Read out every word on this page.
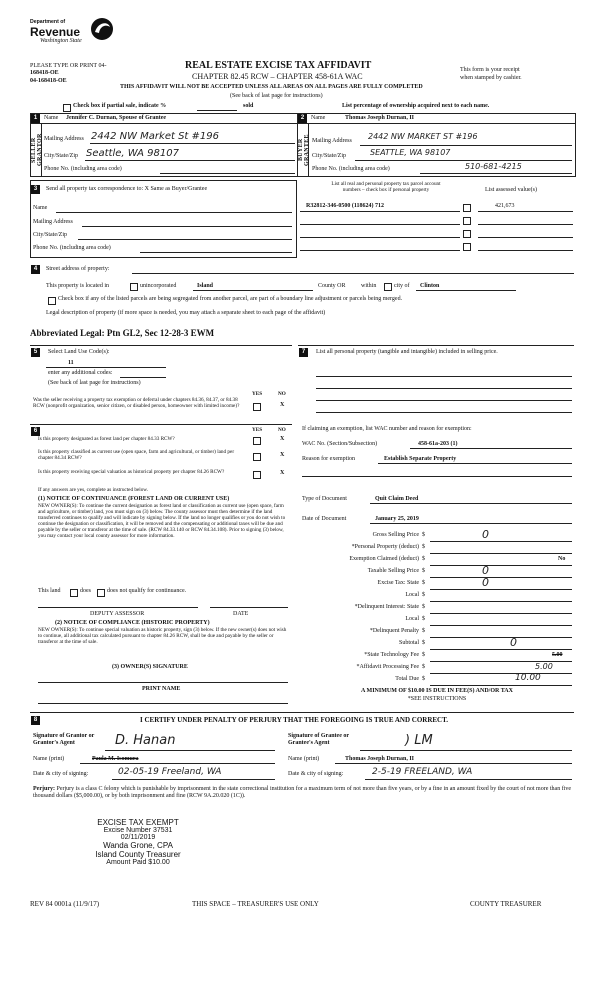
Department of
Revenue
Washington State
PLEASE TYPE OR PRINT 04-
168418-OE
04-168418-OE
REAL ESTATE EXCISE TAX AFFIDAVIT
CHAPTER 82.45 RCW – CHAPTER 458-61A WAC
This form is your receipt
when stamped by cashier.
THIS AFFIDAVIT WILL NOT BE ACCEPTED UNLESS ALL AREAS ON ALL PAGES ARE FULLY COMPLETED
(See back of last page for instructions)
Check box if partial sale, indicate %	sold	List percentage of ownership acquired next to each name.
1	Name Jennifer C. Durnan, Spouse of Grantee
SELLER GRANTOR Mailing Address 2442 NW Market St #196
City/State/Zip Seattle, WA 98107
Phone No. (including area code)
2	Name	Thomas Joseph Durnan, II
BUYER GRANTEE Mailing Address 2442 NW MARKET ST #196
City/State/Zip	SEATTLE, WA 98107
Phone No. (including area code)	510-681-4215
3	Send all property tax correspondence to: X Same as Buyer/Grantee
Name
Mailing Address
City/State/Zip
Phone No. (including area code)
List all real and personal property tax parcel account
numbers – check box if personal property	List assessed value(s)
R32812-346-0500 (118624) 712	421,673
4	Street address of property:
This property is located in	unincorporated	Island	County OR	within	city of Clinton
Check box if any of the listed parcels are being segregated from another parcel, are part of a boundary line adjustment or parcels being merged.
Legal description of property (if more space is needed, you may attach a separate sheet to each page of the affidavit)
Abbreviated Legal: Ptn GL2, Sec 12-28-3 EWM
5	Select Land Use Code(s):
11
enter any additional codes:
(See back of last page for instructions)
YES	NO
Was the seller receiving a property tax exemption or deferral under chapters 84.36, 84.37, or 84.38 RCW (nonprofit organization, senior citizen, or disabled person, homeowner with limited income)?	X
6	YES	NO
Is this property designated as forest land per chapter 84.33 RCW?	X
Is this property classified as current use (open space, farm and agricultural, or timber) land per chapter 84.34 RCW?	X
Is this property receiving special valuation as historical property per chapter 84.26 RCW?	X
If any answers are yes, complete as instructed below.
(1) NOTICE OF CONTINUANCE (FOREST LAND OR CURRENT USE)
NEW OWNER(S): To continue the current designation as forest land or classification as current use (open space, farm and agriculture, or timber) land, you must sign on (3) below. The county assessor must then determine if the land transferred continues to qualify and will indicate by signing below. If the land no longer qualifies or you do not wish to continue the designation or classification, it will be removed and the compensating or additional taxes will be due and payable by the seller or transferor at the time of sale. (RCW 84.33.140 or RCW 84.34.108). Prior to signing (3) below, you may contact your local county assessor for more information.
This land	does	does not qualify for continuance.
DEPUTY ASSESSOR	DATE
(2) NOTICE OF COMPLIANCE (HISTORIC PROPERTY)
NEW OWNER(S): To continue special valuation as historic property, sign (3) below. If the new owner(s) does not wish to continue, all additional tax calculated pursuant to chapter 84.26 RCW, shall be due and payable by the seller or transferor at the time of sale.
(3) OWNER(S) SIGNATURE
PRINT NAME
7	List all personal property (tangible and intangible) included in selling price.
If claiming an exemption, list WAC number and reason for exemption:
WAC No. (Section/Subsection)	458-61a-203 (1)
Reason for exemption	Establish Separate Property
Type of Document	Quit Claim Deed
Date of Document	January 25, 2019
Gross Selling Price $	0
*Personal Property (deduct) $
Exemption Claimed (deduct) $	No
Taxable Selling Price $	0
Excise Tax: State $	0
Local $
*Delinquent Interest: State $
Local $
*Delinquent Penalty $
Subtotal $	0
*State Technology Fee $	5.00
*Affidavit Processing Fee $	5.00
Total Due $	10.00
A MINIMUM OF $10.00 IS DUE IN FEE(S) AND/OR TAX
*SEE INSTRUCTIONS
8	I CERTIFY UNDER PENALTY OF PERJURY THAT THE FOREGOING IS TRUE AND CORRECT.
Signature of Grantor or Grantor's Agent	D. Hanan
Name (print)	Paula M. Isomura
Date & city of signing:	02-05-19 Freeland, WA
Signature of Grantee or Grantee's Agent	) LM
Name (print)	Thomas Joseph Durnan, II
Date & city of signing:	2-5-19 FREELAND, WA
Perjury: Perjury is a class C felony which is punishable by imprisonment in the state correctional institution for a maximum term of not more than five years, or by a fine in an amount fixed by the court of not more than five thousand dollars ($5,000.00), or by both imprisonment and fine (RCW 9A.20.020 (1C)).
EXCISE TAX EXEMPT
Excise Number 37531
02/11/2019
Wanda Grone, CPA
Island County Treasurer
Amount Paid $10.00
REV 84 0001a (11/9/17)	THIS SPACE – TREASURER'S USE ONLY	COUNTY TREASURER
